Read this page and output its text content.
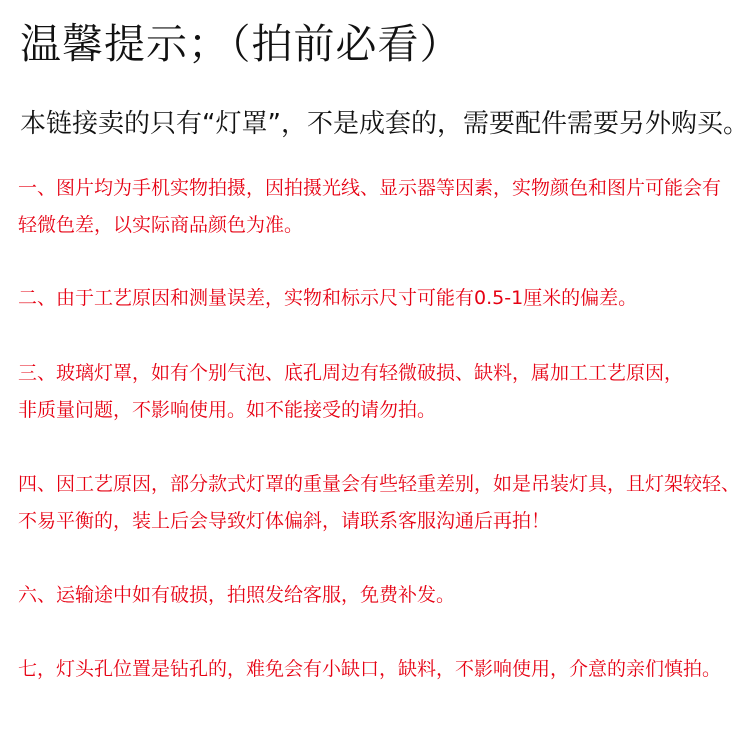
温馨提示；（拍前必看）
本链接卖的只有“灯罩”，不是成套的，需要配件需要另外购买。
一、图片均为手机实物拍摄，因拍摄光线、显示器等因素，实物颜色和图片可能会有
轻微色差，以实际商品颜色为准。
二、由于工艺原因和测量误差，实物和标示尺寸可能有0.5-1厘米的偏差。
三、玻璃灯罩，如有个别气泡、底孔周边有轻微破损、缺料，属加工工艺原因，
非质量问题，不影响使用。如不能接受的请勿拍。
四、因工艺原因，部分款式灯罩的重量会有些轻重差别，如是吊装灯具，且灯架较轻、
不易平衡的，装上后会导致灯体偏斜，请联系客服沟通后再拍！
六、运输途中如有破损，拍照发给客服，免费补发。
七，灯头孔位置是钻孔的，难免会有小缺口，缺料，不影响使用，介意的亲们慎拍。
